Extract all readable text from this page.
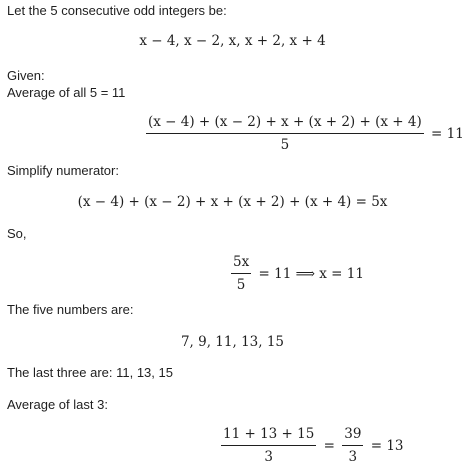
Let the 5 consecutive odd integers be:
x − 4, x − 2, x, x + 2, x + 4
Given:
Average of all 5 = 11
$\frac{(x - 4) + (x - 2) + x + (x + 2) + (x + 4)}{5} = 11$
Simplify numerator:
(x − 4) + (x − 2) + x + (x + 2) + (x + 4) = 5x
So,
$\frac{5x}{5} = 11$ ⟹ x = 11
The five numbers are:
7, 9, 11, 13, 15
The last three are: 11, 13, 15
Average of last 3:
$\frac{11 + 13 + 15}{3} = \frac{39}{3} = 13$
